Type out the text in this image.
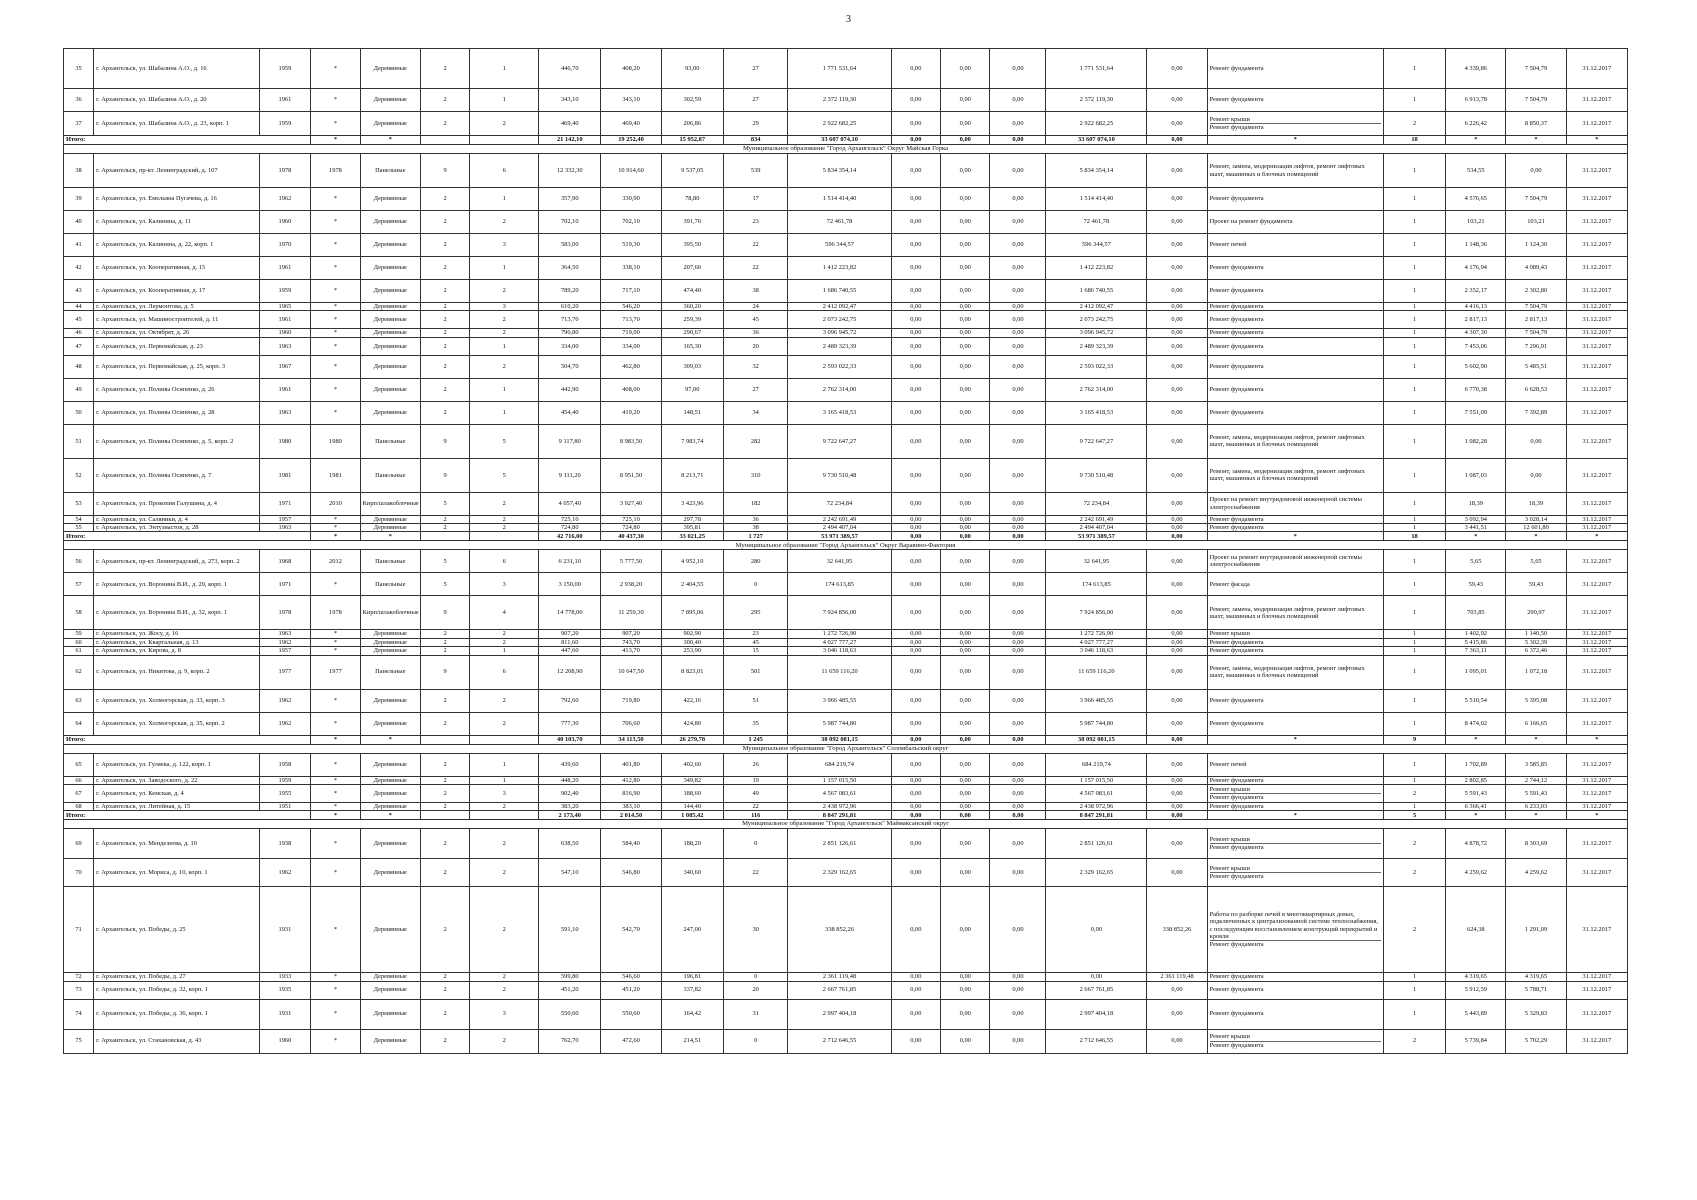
3
35	г. Архангельск, ул. Шабалина А.О., д. 16	1959	*	Деревянные	2	1	446,70	408,20	93,00	27	1 771 531,64	0,00	0,00	0,00	1 771 531,64	0,00	Ремонт фундамента	1	4 339,86	7 504,79	31.12.2017
36	г. Архангельск, ул. Шабалина А.О., д. 20	1961	*	Деревянные	2	1	343,10	343,10	302,59	27	2 372 119,30	0,00	0,00	0,00	2 372 119,30	0,00	Ремонт фундамента	1	6 913,78	7 504,79	31.12.2017
37	г. Архангельск, ул. Шабалина А.О., д. 23, корп. 1	1959	*	Деревянные	2	2	469,40	469,40	206,86	29	2 922 682,25	0,00	0,00	0,00	2 922 682,25	0,00	Ремонт крыши
Ремонт фундамента	2	6 226,42	8 850,37	31.12.2017
Итого:			*	*			21 142,10	19 252,40	15 952,87	834	33 607 074,10	0,00	0,00	0,00	33 607 074,10	0,00	*	18	*	*	*
Муниципальное образование "Город Архангельск" Округ Майская Горка																					
38	г. Архангельск, пр-кт. Ленинградский, д. 107	1978	1978	Панельные	9	6	12 332,30	10 914,60	9 537,05	539	5 834 354,14	0,00	0,00	0,00	5 834 354,14	0,00	Ремонт, замена, модернизация лифтов, ремонт лифтовых шахт, машинных и блочных помещений	1	534,55	0,00	31.12.2017
39	г. Архангельск, ул. Емельяна Пугачева, д. 16	1962	*	Деревянные	2	1	357,90	330,90	78,80	17	1 514 414,40	0,00	0,00	0,00	1 514 414,40	0,00	Ремонт фундамента	1	4 576,65	7 504,79	31.12.2017
40	г. Архангельск, ул. Калинина, д. 11	1960	*	Деревянные	2	2	702,10	702,10	391,70	23	72 461,78	0,00	0,00	0,00	72 461,78	0,00	Проект на ремонт фундамента	1	103,21	103,21	31.12.2017
41	г. Архангельск, ул. Калинина, д. 22, корп. 1	1970	*	Деревянные	2	3	583,00	519,30	395,50	22	596 344,57	0,00	0,00	0,00	596 344,57	0,00	Ремонт печей	1	1 148,36	1 124,30	31.12.2017
42	г. Архангельск, ул. Кооперативная, д. 15	1961	*	Деревянные	2	1	364,50	338,10	207,60	22	1 412 223,82	0,00	0,00	0,00	1 412 223,82	0,00	Ремонт фундамента	1	4 176,94	4 089,43	31.12.2017
43	г. Архангельск, ул. Кооперативная, д. 17	1959	*	Деревянные	2	2	789,20	717,10	474,40	38	1 686 740,55	0,00	0,00	0,00	1 686 740,55	0,00	Ремонт фундамента	1	2 352,17	2 302,80	31.12.2017
44	г. Архангельск, ул. Лермонтова, д. 5	1965	*	Деревянные	2	3	610,20	546,20	360,20	24	2 412 092,47	0,00	0,00	0,00	2 412 092,47	0,00	Ремонт фундамента	1	4 416,13	7 504,79	31.12.2017
45	г. Архангельск, ул. Машиностроителей, д. 11	1961	*	Деревянные	2	2	713,70	713,70	259,39	45	2 073 242,75	0,00	0,00	0,00	2 073 242,75	0,00	Ремонт фундамента	1	2 817,13	2 817,13	31.12.2017
46	г. Архангельск, ул. Октябрят, д. 26	1960	*	Деревянные	2	2	790,80	719,00	290,67	36	3 096 945,72	0,00	0,00	0,00	3 096 945,72	0,00	Ремонт фундамента	1	4 307,30	7 504,79	31.12.2017
47	г. Архангельск, ул. Первомайская, д. 23	1963	*	Деревянные	2	1	334,00	334,00	165,30	20	2 489 323,39	0,00	0,00	0,00	2 489 323,39	0,00	Ремонт фундамента	1	7 453,06	7 296,91	31.12.2017
48	г. Архангельск, ул. Первомайская, д. 25, корп. 3	1967	*	Деревянные	2	2	504,70	462,80	309,03	32	2 593 022,33	0,00	0,00	0,00	2 593 022,33	0,00	Ремонт фундамента	1	5 602,90	5 485,51	31.12.2017
49	г. Архангельск, ул. Полины Осипенко, д. 26	1961	*	Деревянные	2	1	442,90	408,00	97,00	27	2 762 314,00	0,00	0,00	0,00	2 762 314,00	0,00	Ремонт фундамента	1	6 770,38	6 628,53	31.12.2017
50	г. Архангельск, ул. Полины Осипенко, д. 28	1963	*	Деревянные	2	1	454,40	419,20	148,51	34	3 165 418,53	0,00	0,00	0,00	3 165 418,53	0,00	Ремонт фундамента	1	7 551,09	7 392,89	31.12.2017
51	г. Архангельск, ул. Полины Осипенко, д. 5, корп. 2	1980	1980	Панельные	9	5	9 117,80	8 983,50	7 983,74	282	9 722 647,27	0,00	0,00	0,00	9 722 647,27	0,00	Ремонт, замена, модернизация лифтов, ремонт лифтовых шахт, машинных и блочных помещений	1	1 082,28	0,00	31.12.2017
52	г. Архангельск, ул. Полины Осипенко, д. 7	1981	1981	Панельные	9	5	9 111,20	8 951,50	8 213,71	310	9 730 510,48	0,00	0,00	0,00	9 730 510,48	0,00	Ремонт, замена, модернизация лифтов, ремонт лифтовых шахт, машинных и блочных помещений	1	1 087,03	0,00	31.12.2017
53	г. Архангельск, ул. Прокопия Галушина, д. 4	1971	2010	Кирп/шлакоблочные	5	2	4 057,40	3 927,40	3 423,96	182	72 234,84	0,00	0,00	0,00	72 234,84	0,00	Проект на ремонт внутридомовой инженерной системы электроснабжения	1	18,39	18,39	31.12.2017
54	г. Архангельск, ул. Саляники, д. 4	1957	*	Деревянные	2	2	725,10	725,10	297,78	36	2 242 691,49	0,00	0,00	0,00	2 242 691,49	0,00	Ремонт фундамента	1	3 092,94	3 028,14	31.12.2017
55	г. Архангельск, ул. Энтузиастов, д. 28	1963	*	Деревянные	2	2	724,80	724,80	395,81	38	2 494 407,04	0,00	0,00	0,00	2 494 407,04	0,00	Ремонт фундамента	1	3 441,51	12 601,80	31.12.2017
Итого:			*	*			42 716,00	40 437,30	33 021,25	1 727	53 971 389,57	0,00	0,00	0,00	53 971 389,57	0,00	*	18	*	*	*
Муниципальное образование "Город Архангельск" Округ Варавино-Фактория																					
56	г. Архангельск, пр-кт. Ленинградский, д. 273, корп. 2	1968	2012	Панельные	5	6	6 231,10	5 777,50	4 952,10	280	32 641,95	0,00	0,00	0,00	32 641,95	0,00	Проект на ремонт внутридомовой инженерной системы электроснабжения	1	5,65	5,65	31.12.2017
57	г. Архангельск, ул. Воронина В.И., д. 29, корп. 1	1971	*	Панельные	5	3	3 150,00	2 938,20	2 404,55	0	174 613,85	0,00	0,00	0,00	174 613,85	0,00	Ремонт фасада	1	59,43	59,43	31.12.2017
58	г. Архангельск, ул. Воронина В.И., д. 32, корп. 1	1978	1978	Кирп/шлакоблочные	9	4	14 778,00	11 259,30	7 895,06	295	7 924 856,00	0,00	0,00	0,00	7 924 856,00	0,00	Ремонт, замена, модернизация лифтов, ремонт лифтовых шахт, машинных и блочных помещений	1	703,85	290,97	31.12.2017
59	г. Архангельск, ул. Жосу, д. 16	1963	*	Деревянные	2	2	907,20	907,20	902,90	23	1 272 726,90	0,00	0,00	0,00	1 272 726,90	0,00	Ремонт крыши	1	1 402,92	1 140,50	31.12.2017
60	г. Архангельск, ул. Квартальная, д. 13	1962	*	Деревянные	2	2	811,60	743,70	300,40	45	4 027 777,27	0,00	0,00	0,00	4 027 777,27	0,00	Ремонт фундамента	1	5 415,86	5 302,39	31.12.2017
61	г. Архангельск, ул. Кирова, д. 8	1957	*	Деревянные	2	1	447,60	413,70	253,90	15	3 046 118,63	0,00	0,00	0,00	3 046 118,63	0,00	Ремонт фундамента	1	7 363,11	6 372,46	31.12.2017
62	г. Архангельск, ул. Никитова, д. 9, корп. 2	1977	1977	Панельные	9	6	12 208,90	10 647,50	8 823,01	501	11 659 116,20	0,00	0,00	0,00	11 659 116,20	0,00	Ремонт, замена, модернизация лифтов, ремонт лифтовых шахт, машинных и блочных помещений	1	1 095,01	1 072,18	31.12.2017
63	г. Архангельск, ул. Холмогорская, д. 33, корп. 3	1962	*	Деревянные	2	2	792,60	719,80	422,16	51	3 966 485,55	0,00	0,00	0,00	3 966 485,55	0,00	Ремонт фундамента	1	5 510,54	5 395,08	31.12.2017
64	г. Архангельск, ул. Холмогорская, д. 35, корп. 2	1962	*	Деревянные	2	2	777,30	706,60	424,80	35	5 987 744,80	0,00	0,00	0,00	5 987 744,80	0,00	Ремонт фундамента	1	8 474,02	6 166,65	31.12.2017
Итого:			*	*			40 103,70	34 113,50	26 279,78	1 245	38 092 081,15	0,00	0,00	0,00	38 092 081,15	0,00	*	9	*	*	*
Муниципальное образование "Город Архангельск" Соломбальский округ																					
65	г. Архангельск, ул. Гуляева, д. 122, корп. 1	1958	*	Деревянные	2	1	439,60	401,80	402,60	26	684 219,74	0,00	0,00	0,00	684 219,74	0,00	Ремонт печей	1	1 702,89	3 585,85	31.12.2017
66	г. Архангельск, ул. Заводоского, д. 22	1959	*	Деревянные	2	1	448,20	412,80	349,82	19	1 157 015,50	0,00	0,00	0,00	1 157 015,50	0,00	Ремонт фундамента	1	2 802,85	2 744,12	31.12.2017
67	г. Архангельск, ул. Кемская, д. 4	1955	*	Деревянные	2	3	902,40	816,90	188,60	49	4 567 083,61	0,00	0,00	0,00	4 567 083,61	0,00	Ремонт крыши
Ремонт фундамента	2	5 591,43	5 591,43	31.12.2017
68	г. Архангельск, ул. Литейная, д. 15	1951	*	Деревянные	2	2	383,20	383,10	144,40	22	2 438 972,96	0,00	0,00	0,00	2 438 972,96	0,00	Ремонт фундамента	1	6 366,41	6 233,03	31.12.2017
Итого:			*	*			2 173,40	2 014,50	1 085,42	116	8 847 291,81	0,00	0,00	0,00	8 847 291,81	0,00	*	5	*	*	*
Муниципальное образование "Город Архангельск" Маймаксанский округ																					
69	г. Архангельск, ул. Менделеева, д. 10	1938	*	Деревянные	2	2	638,50	584,40	188,20	0	2 851 126,61	0,00	0,00	0,00	2 851 126,61	0,00	Ремонт крыши
Ремонт фундамента	2	4 878,72	8 303,69	31.12.2017
70	г. Архангельск, ул. Мориса, д. 10, корп. 1	1962	*	Деревянные	2	2	547,10	546,80	340,60	22	2 329 162,65	0,00	0,00	0,00	2 329 162,65	0,00	Ремонт крыши
Ремонт фундамента	2	4 259,62	4 259,62	31.12.2017
71	г. Архангельск, ул. Победы, д. 25	1931	*	Деревянные	2	2	591,10	542,70	247,00	30	338 852,26	0,00	0,00	0,00	0,00	338 852,26	Работы по разборке печей в многоквартирных домах, подключенных к централизованной системе теплоснабжения, с последующим восстановлением конструкций перекрытий и кровли
Ремонт фундамента	2	624,38	1 291,09	31.12.2017
72	г. Архангельск, ул. Победы, д. 27	1933	*	Деревянные	2	2	599,80	546,60	196,81	0	2 361 119,48	0,00	0,00	0,00	0,00	2 361 119,48	Ремонт фундамента	1	4 319,65	4 319,65	31.12.2017
73	г. Архангельск, ул. Победы, д. 32, корп. 1	1935	*	Деревянные	2	2	451,20	451,20	337,82	20	2 667 761,85	0,00	0,00	0,00	2 667 761,85	0,00	Ремонт фундамента	1	5 912,59	5 788,71	31.12.2017
74	г. Архангельск, ул. Победы, д. 36, корп. 1	1931	*	Деревянные	2	3	550,60	550,60	164,42	31	2 997 404,18	0,00	0,00	0,00	2 997 404,18	0,00	Ремонт фундамента	1	5 443,89	5 329,83	31.12.2017
75	г. Архангельск, ул. Стахановская, д. 43	1960	*	Деревянные	2	2	762,70	472,60	214,51	0	2 712 646,55	0,00	0,00	0,00	2 712 646,55	0,00	Ремонт крыши
Ремонт фундамента	2	5 739,84	5 702,29	31.12.2017
